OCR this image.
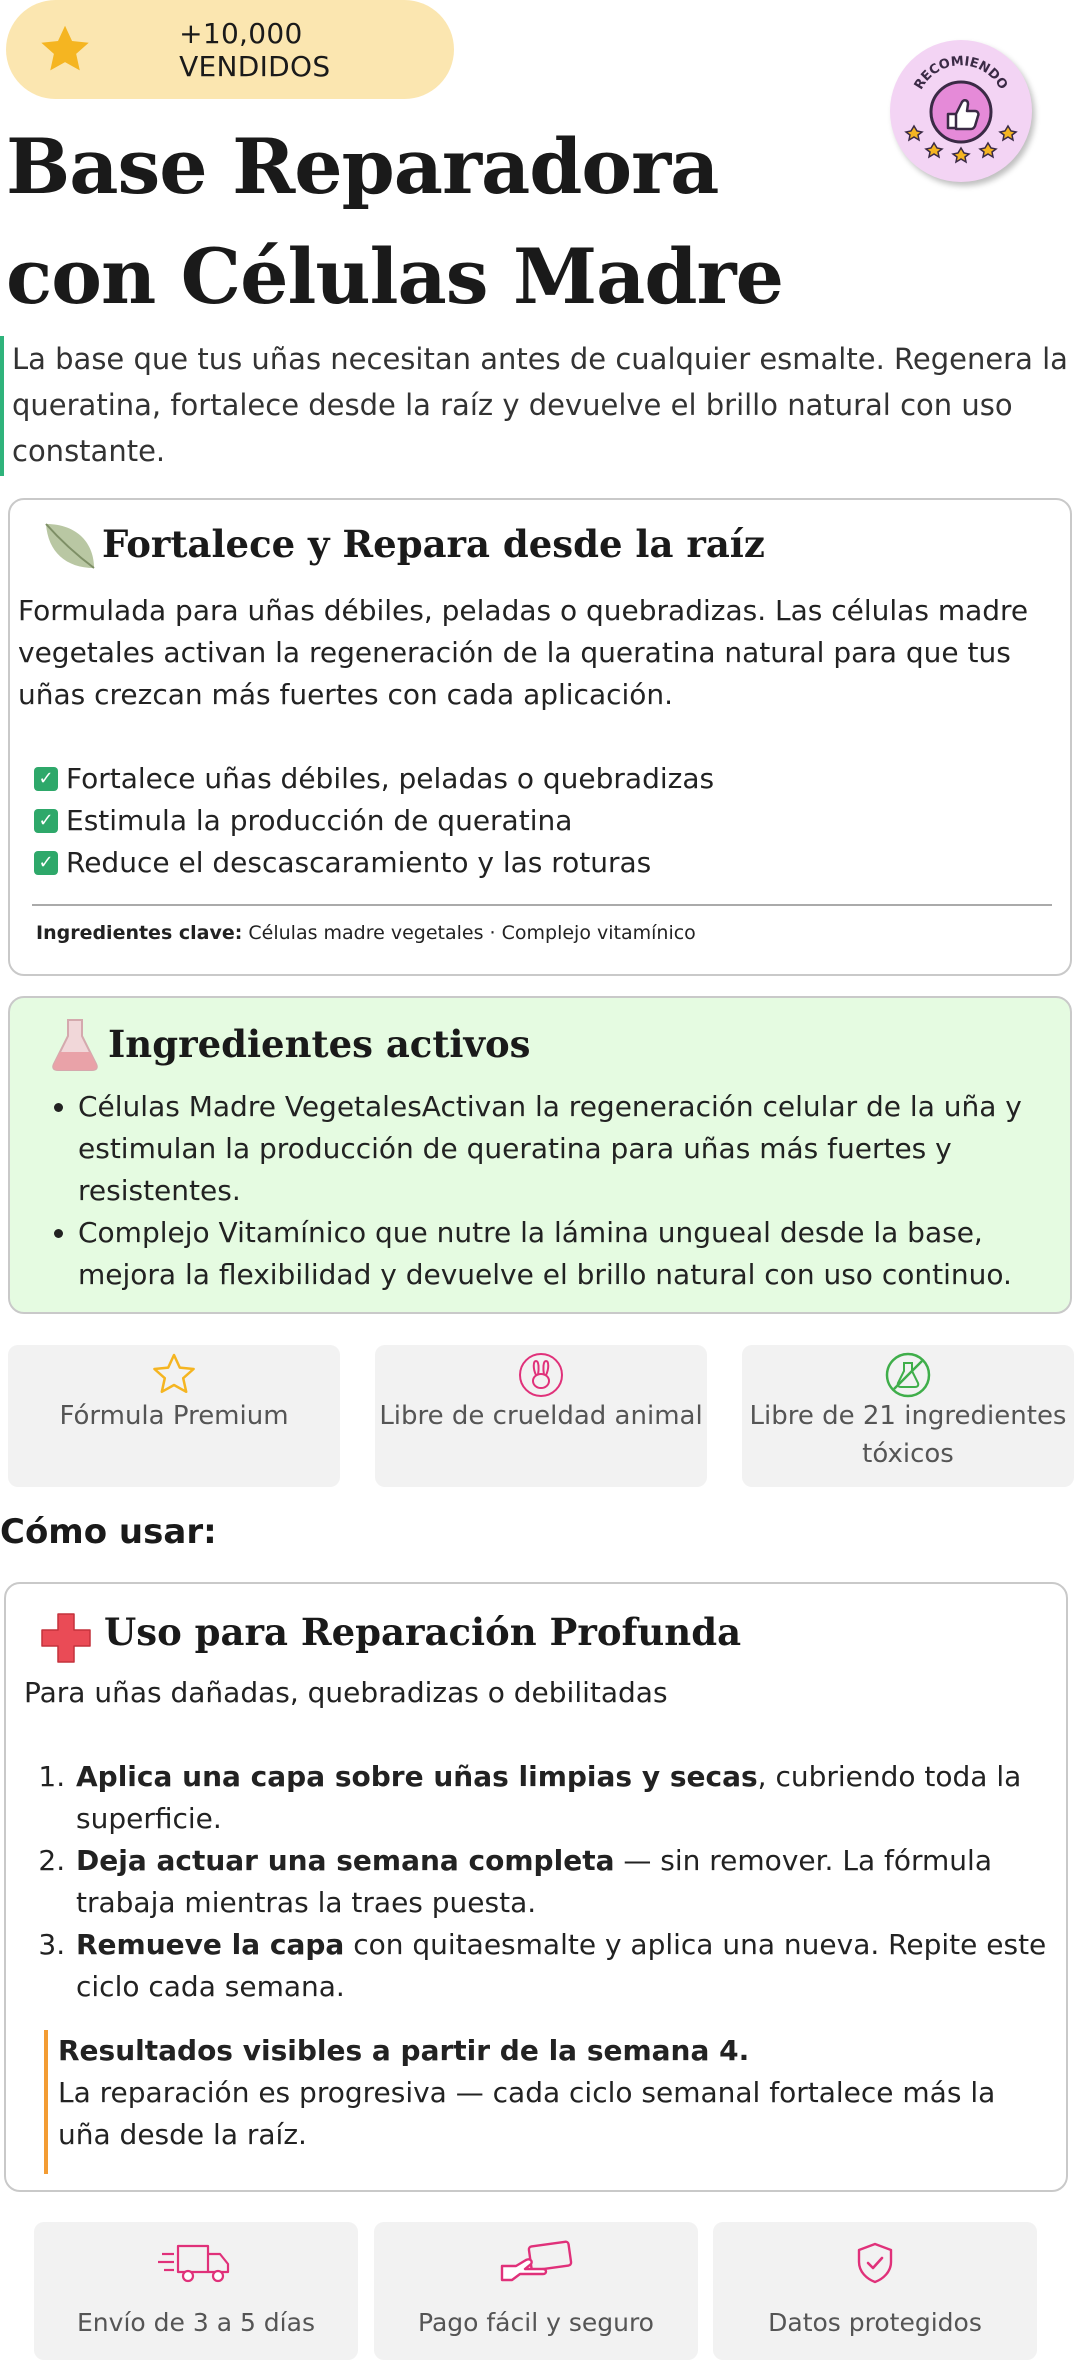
+10,000 VENDIDOS
RECOMIENDO
Base Reparadora con Células Madre

La base que tus uñas necesitan antes de cualquier esmalte. Regenera la queratina, fortalece desde la raíz y devuelve el brillo natural con uso constante.

Fortalece y Repara desde la raíz

Formulada para uñas débiles, peladas o quebradizas. Las células madre vegetales activan la regeneración de la queratina natural para que tus uñas crezcan más fuertes con cada aplicación.

✓ Fortalece uñas débiles, peladas o quebradizas
✓ Estimula la producción de queratina
✓ Reduce el descascaramiento y las roturas

Ingredientes clave: Células madre vegetales · Complejo vitamínico

Ingredientes activos
• Células Madre VegetalesActivan la regeneración celular de la uña y estimulan la producción de queratina para uñas más fuertes y resistentes.
• Complejo Vitamínico que nutre la lámina ungueal desde la base, mejora la flexibilidad y devuelve el brillo natural con uso continuo.
Fórmula Premium	Libre de crueldad animal Libre de 21 ingredientes tóxicos
Cómo usar:
Uso para Reparación Profunda

Para uñas dañadas, quebradizas o debilitadas

1. Aplica una capa sobre uñas limpias y secas, cubriendo toda la superficie.
2. Deja actuar una semana completa — sin remover. La fórmula trabaja mientras la traes puesta.
3. Remueve la capa con quitaesmalte y aplica una nueva. Repite este ciclo cada semana.
Resultados visibles a partir de la semana 4.
La reparación es progresiva — cada ciclo semanal fortalece más la uña desde la raíz.
Envío de 3 a 5 días	Pago fácil y seguro	Datos protegidos
